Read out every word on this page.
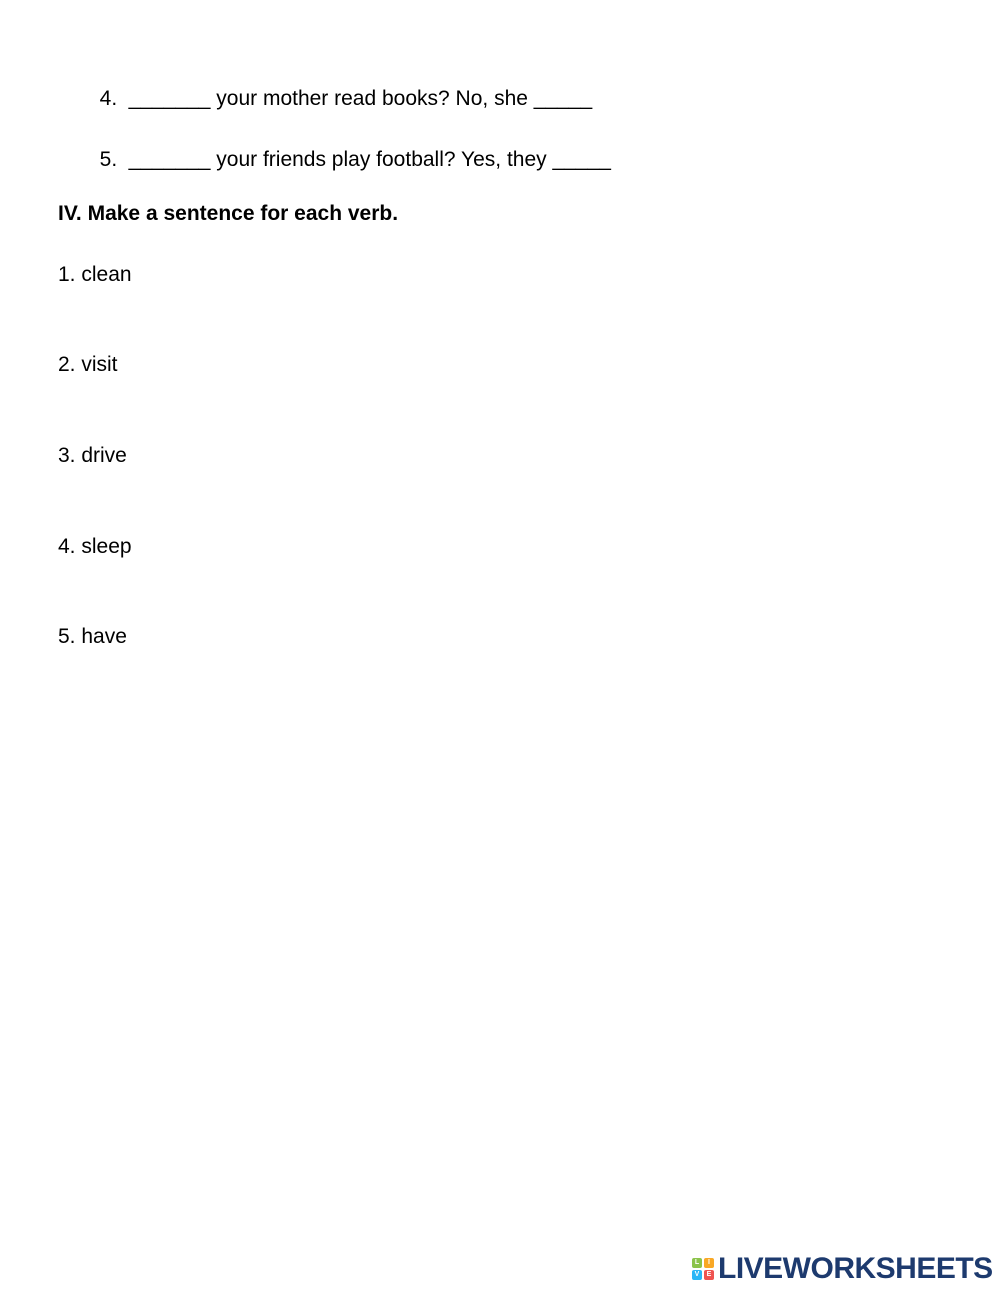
4. _______ your mother read books? No, she _____

5. _______ your friends play football? Yes, they _____

IV. Make a sentence for each verb.
1. clean
2. visit
3. drive
4. sleep
5. have
L	I
V	E LIVEWORKSHEETS
